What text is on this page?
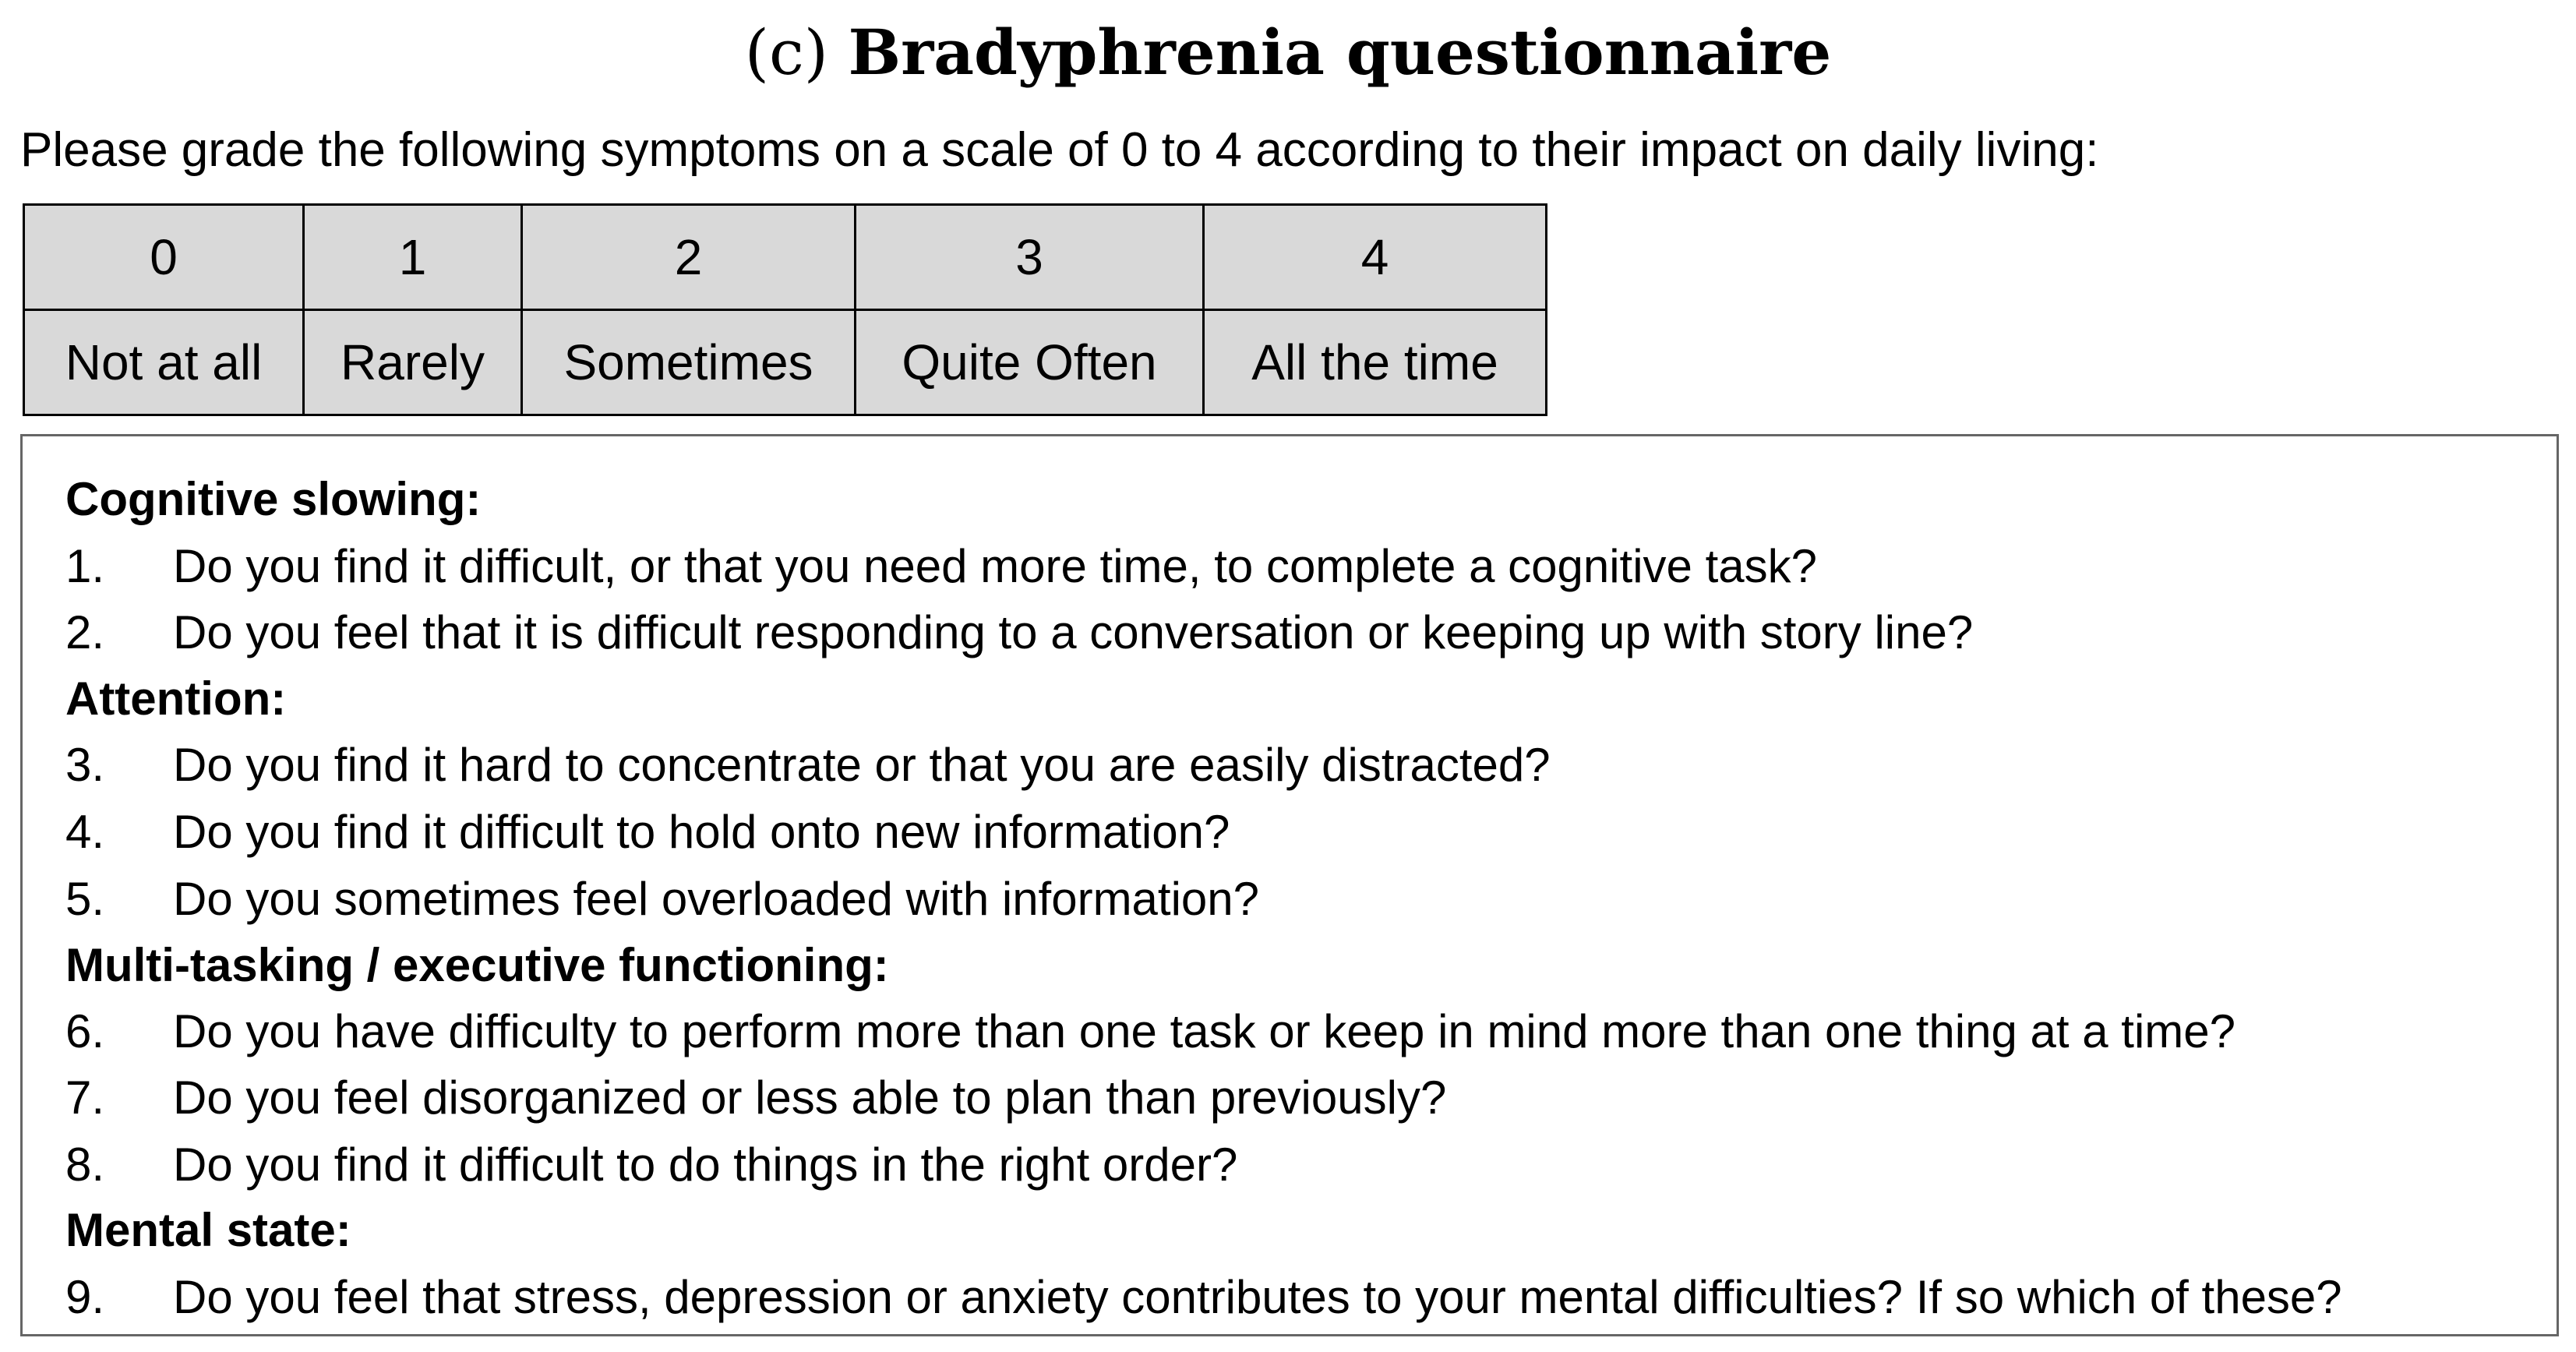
(c) Bradyphrenia questionnaire
Please grade the following symptoms on a scale of 0 to 4 according to their impact on daily living:
0	1	2	3	4
Not at all	Rarely	Sometimes	Quite Often	All the time
Cognitive slowing:
1. Do you find it difficult, or that you need more time, to complete a cognitive task?
2. Do you feel that it is difficult responding to a conversation or keeping up with story line?
Attention:
3. Do you find it hard to concentrate or that you are easily distracted?
4. Do you find it difficult to hold onto new information?
5. Do you sometimes feel overloaded with information?
Multi-tasking / executive functioning:
6. Do you have difficulty to perform more than one task or keep in mind more than one thing at a time?
7. Do you feel disorganized or less able to plan than previously?
8. Do you find it difficult to do things in the right order?
Mental state:
9. Do you feel that stress, depression or anxiety contributes to your mental difficulties? If so which of these?
